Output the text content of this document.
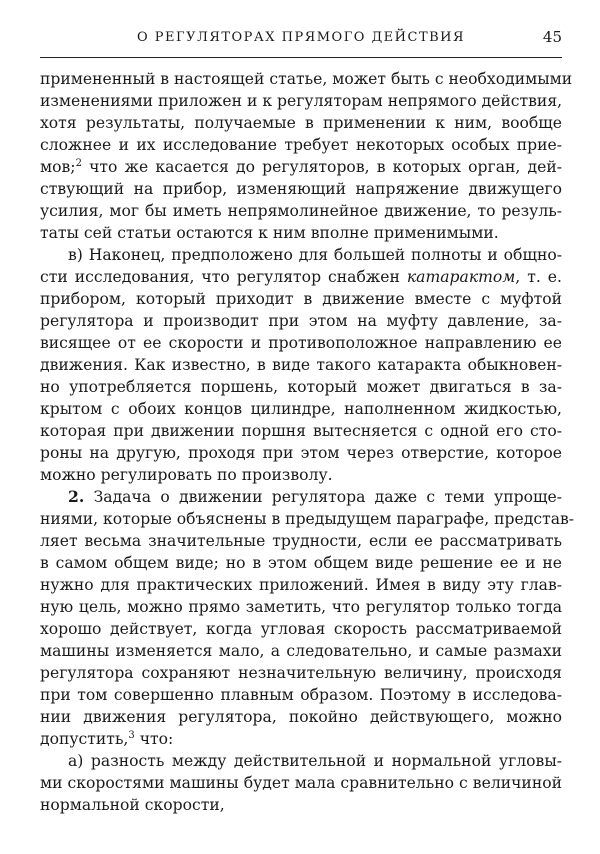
О РЕГУЛЯТОРАХ ПРЯМОГО ДЕЙСТВИЯ	45
примененный в настоящей статье, может быть с необходимыми
изменениями приложен и к регуляторам непрямого действия,
хотя результаты, получаемые в применении к ним, вообще
сложнее и их исследование требует некоторых особых прие-
мов;$^2$ что же касается до регуляторов, в которых орган, дей-
ствующий на прибор, изменяющий напряжение движущего
усилия, мог бы иметь непрямолинейное движение, то резуль-
таты сей статьи остаются к ним вполне применимыми.
в) Наконец, предположено для большей полноты и общно-
сти исследования, что регулятор снабжен катарактом, т. е.
прибором, который приходит в движение вместе с муфтой
регулятора и производит при этом на муфту давление, за-
висящее от ее скорости и противоположное направлению ее
движения. Как известно, в виде такого катаракта обыкновен-
но употребляется поршень, который может двигаться в за-
крытом с обоих концов цилиндре, наполненном жидкостью,
которая при движении поршня вытесняется с одной его сто-
роны на другую, проходя при этом через отверстие, которое
можно регулировать по произволу.
2. Задача о движении регулятора даже с теми упроще-
ниями, которые объяснены в предыдущем параграфе, представ-
ляет весьма значительные трудности, если ее рассматривать
в самом общем виде; но в этом общем виде решение ее и не
нужно для практических приложений. Имея в виду эту глав-
ную цель, можно прямо заметить, что регулятор только тогда
хорошо действует, когда угловая скорость рассматриваемой
машины изменяется мало, а следовательно, и самые размахи
регулятора сохраняют незначительную величину, происходя
при том совершенно плавным образом. Поэтому в исследова-
нии движения регулятора, покойно действующего, можно
допустить,$^3$ что:
а) разность между действительной и нормальной угловы-
ми скоростями машины будет мала сравнительно с величиной
нормальной скорости,
